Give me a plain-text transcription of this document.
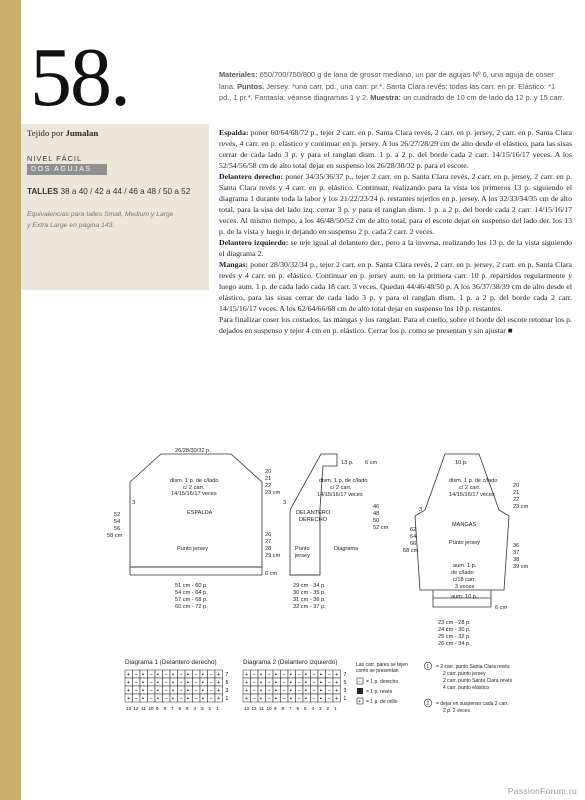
58.	Materiales: 650/700/750/800 g de lana de grosor mediano, un par de agujas Nº 6, una aguja de coser lana. Puntos. Jersey: *una carr. pd., una carr. pr.*. Santa Clara revés: todas las carr. en pr. Elástico: *1 pd., 1 pr.*. Fantasía: véanse diagramas 1 y 2. Muestra: un cuadrado de 10 cm de lado da 12 p. y 15 carr.
Tejido por Jumalan
NIVEL FÁCIL
DOS AGUJAS
TALLES 38 a 40 / 42 a 44 / 46 a 48 / 50 a 52
Equivalencias para talles Small, Medium y Large y Extra Large en página 143.

Espalda: poner 60/64/68/72 p., tejer 2 carr. en p. Santa Clara revés, 2 carr. en p. jersey, 2 carr. en p. Santa Clara revés, 4 carr. en p. elástico y continuar en p. jersey. A los 26/27/28/29 cm de alto desde el elástico, para las sisas cerrar de cada lado 3 p. y para el ranglan dism. 1 p. a 2 p. del borde cada 2 carr. 14/15/16/17 veces. A los 52/54/56/58 cm de alto total dejar en suspenso los 26/28/30/32 p. para el escote.

Delantero derecho: poner 34/35/36/37 p., tejer 2 carr. en p. Santa Clara revés, 2 carr. en p. jersey, 2 carr. en p. Santa Clara revés y 4 carr. en p. elástico. Continuar, realizando para la vista los primeros 13 p. siguiendo el diagrama 1 durante toda la labor y los 21/22/23/24 p. restantes tejerlos en p. jersey. A los 32/33/34/35 cm de alto total, para la sisa del lado izq. cerrar 3 p. y para el ranglan dism. 1 p. a 2 p. del borde cada 2 carr. 14/15/16/17 veces. Al mismo tiempo, a los 46/48/50/52 cm de alto total, para el escote dejar en suspenso del lado der. los 13 p. de la vista y luego ir dejando en suspenso 2 p. cada 2 carr. 2 veces.

Delantero izquierdo: se teje igual al delantero der., pero a la inversa, realizando los 13 p. de la vista siguiendo el diagrama 2.

Mangas: poner 28/30/32/34 p., tejer 2 carr. en p. Santa Clara revés, 2 carr. en p. jersey, 2 carr. en p. Santa Clara revés y 4 carr. en p. elástico. Continuar en p. jersey aum. en la primera carr. 10 p. repartidos regularmente y luego aum. 1 p. de cada lado cada 18 carr. 3 veces. Quedan 44/46/48/50 p. A los 36/37/38/39 cm de alto desde el elástico, para las sisas cerrar de cada lado 3 p. y para el ranglan dism. 1 p. a 2 p. del borde cada 2 carr. 14/15/16/17 veces. A los 62/64/66/68 cm de alto total dejar en suspenso los 10 p. restantes.

Para finalizar coser los costados, las mangas y los ranglan. Para el cuello, sobre el borde del escote retomar los p. dejados en suspenso y tejer 4 cm en p. elástico. Cerrar los p. como se presentan y sin ajustar ■

26/28/30/32 p.
dism. 1 p. de c/lado
c/ 2 carr.
14/15/16/17 veces
ESPALDA
Punto jersey
3
52
54
56
58 cm
20
21
22
23 cm
26
27
28
29 cm
6 cm
51 cm - 60 p.
54 cm - 64 p.
57 cm - 68 p.
60 cm - 72 p.
13 p. 6 cm
dism. 1 p. de c/lado
c/ 2 carr.
14/15/16/17 veces
DELANTERO
DERECHO
Punto
jersey
Diagrama
3
46
48
50
52 cm
29 cm - 34 p.
30 cm - 35 p.
31 cm - 36 p.
32 cm - 37 p.
10 p.
dism. 1 p. de c/lado
c/ 2 carr.
14/15/16/17 veces
MANGAS
Punto jersey
aum. 1 p.
de c/lado
c/18 carr.
3 veces
aum. 10 p.
3
62
64
66
68 cm
20
21
22
23 cm
36
37
38
39 cm
6 cm
23 cm - 28 p.
24 cm - 30 p.
25 cm - 32 p.
26 cm - 34 p.
Diagrama 1 (Delantero derecho)	Diagrama 2 (Delantero izquierdo)
+ − ▪ − ▪ − ▪ − ▪ − ▪ − + 7
+ − ▪ − ▪ − ▪ − ▪ − ▪ − + 5
+ − ▪ − ▪ − ▪ − ▪ − ▪ − + 3
+ − ▪ − ▪ − ▪ − ▪ − ▪ − + 1
13 12 11 10 9 8 7 6 5 4 3 2 1
+ − ▪ − ▪ − ▪ − ▪ − ▪ − + 7
+ − ▪ − ▪ − ▪ − ▪ − ▪ − + 5
+ − ▪ − ▪ − ▪ − ▪ − ▪ − + 3
+ − ▪ − ▪ − ▪ − ▪ − ▪ − + 1
13 12 11 10 9 8 7 6 5 4 3 2 1
Las carr. pares se tejen
como se presentan
− = 1 p. derecho
= 1 p. revés
+ = 1 p. de orillo
1 = 2 carr. punto Santa Clara revés
2 carr. punto jersey
2 carr. punto Santa Clara revés
4 carr. punto elástico
2 = dejar en suspenso cada 2 carr.
2 p. 2 veces
PassionForum.ru
